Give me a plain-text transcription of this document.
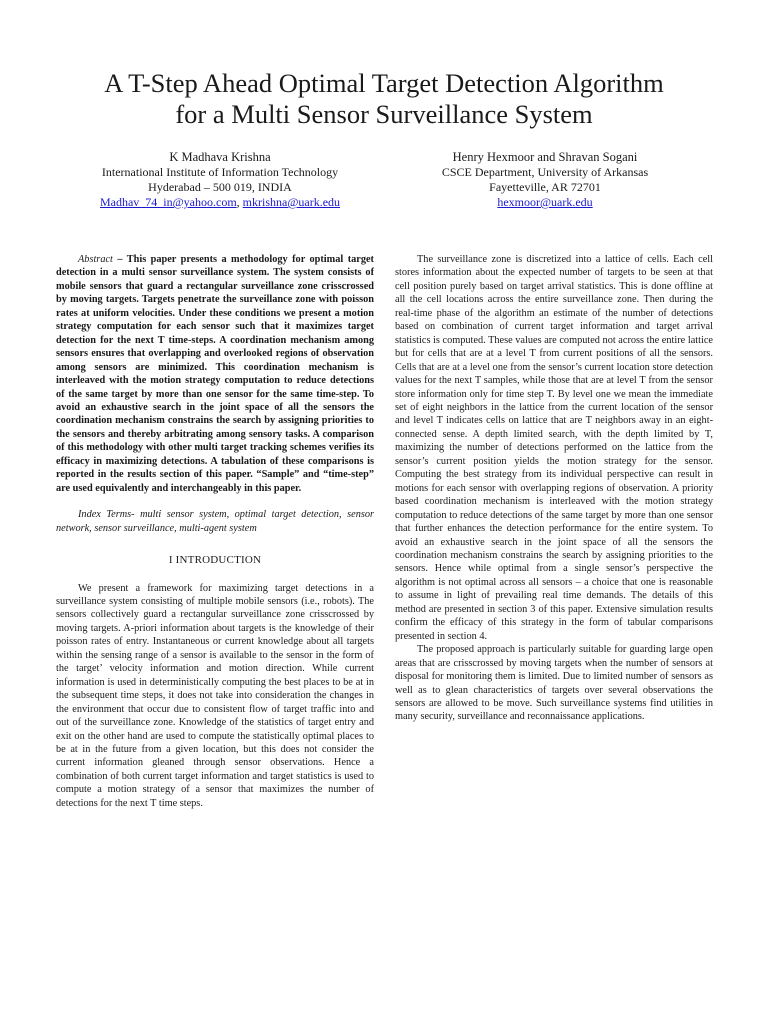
A T-Step Ahead Optimal Target Detection Algorithm
for a Multi Sensor Surveillance System
K Madhava Krishna
International Institute of Information Technology
Hyderabad – 500 019, INDIA
Madhav_74_in@yahoo.com, mkrishna@uark.edu
Henry Hexmoor and Shravan Sogani
CSCE Department, University of Arkansas
Fayetteville, AR 72701
hexmoor@uark.edu

Abstract – This paper presents a methodology for optimal target detection in a multi sensor surveillance system. The system consists of mobile sensors that guard a rectangular surveillance zone crisscrossed by moving targets. Targets penetrate the surveillance zone with poisson rates at uniform velocities. Under these conditions we present a motion strategy computation for each sensor such that it maximizes target detection for the next T time-steps. A coordination mechanism among sensors ensures that overlapping and overlooked regions of observation among sensors are minimized. This coordination mechanism is interleaved with the motion strategy computation to reduce detections of the same target by more than one sensor for the same time-step. To avoid an exhaustive search in the joint space of all the sensors the coordination mechanism constrains the search by assigning priorities to the sensors and thereby arbitrating among sensory tasks. A comparison of this methodology with other multi target tracking schemes verifies its efficacy in maximizing detections. A tabulation of these comparisons is reported in the results section of this paper. “Sample” and “time-step” are used equivalently and interchangeably in this paper.

Index Terms- multi sensor system, optimal target detection, sensor network, sensor surveillance, multi-agent system

I INTRODUCTION

We present a framework for maximizing target detections in a surveillance system consisting of multiple mobile sensors (i.e., robots). The sensors collectively guard a rectangular surveillance zone crisscrossed by moving targets. A-priori information about targets is the knowledge of their poisson rates of entry. Instantaneous or current knowledge about all targets within the sensing range of a sensor is available to the sensor in the form of the target’ velocity information and motion direction. While current information is used in deterministically computing the best places to be at in the subsequent time steps, it does not take into consideration the changes in the environment that occur due to consistent flow of target traffic into and out of the surveillance zone. Knowledge of the statistics of target entry and exit on the other hand are used to compute the statistically optimal places to be at in the future from a given location, but this does not consider the current information gleaned through sensor observations. Hence a combination of both current target information and target statistics is used to compute a motion strategy of a sensor that maximizes the number of detections for the next T time steps.

The surveillance zone is discretized into a lattice of cells. Each cell stores information about the expected number of targets to be seen at that cell position purely based on target arrival statistics. This is done offline at all the cell locations across the entire surveillance zone. Then during the real-time phase of the algorithm an estimate of the number of detections based on combination of current target information and target arrival statistics is computed. These values are computed not across the entire lattice but for cells that are at a level T from current positions of all the sensors. Cells that are at a level one from the sensor’s current location store detection values for the next T samples, while those that are at level T from the sensor store information only for time step T. By level one we mean the immediate set of eight neighbors in the lattice from the current location of the sensor and level T indicates cells on lattice that are T neighbors away in an eight-connected sense. A depth limited search, with the depth limited by T, maximizing the number of detections performed on the lattice from the sensor’s current position yields the motion strategy for the sensor. Computing the best strategy from its individual perspective can result in motions for each sensor with overlapping regions of observation. A priority based coordination mechanism is interleaved with the motion strategy computation to reduce detections of the same target by more than one sensor that further enhances the detection performance for the entire system. To avoid an exhaustive search in the joint space of all the sensors the coordination mechanism constrains the search by assigning priorities to the sensors. Hence while optimal from a single sensor’s perspective the algorithm is not optimal across all sensors – a choice that one is reasonable to assume in light of prevailing real time demands. The details of this method are presented in section 3 of this paper. Extensive simulation results confirm the efficacy of this strategy in the form of tabular comparisons presented in section 4.

The proposed approach is particularly suitable for guarding large open areas that are crisscrossed by moving targets when the number of sensors at disposal for monitoring them is limited. Due to limited number of sensors as well as to glean characteristics of targets over several observations the sensors are allowed to be move. Such surveillance systems find utilities in many security, surveillance and reconnaissance applications.
